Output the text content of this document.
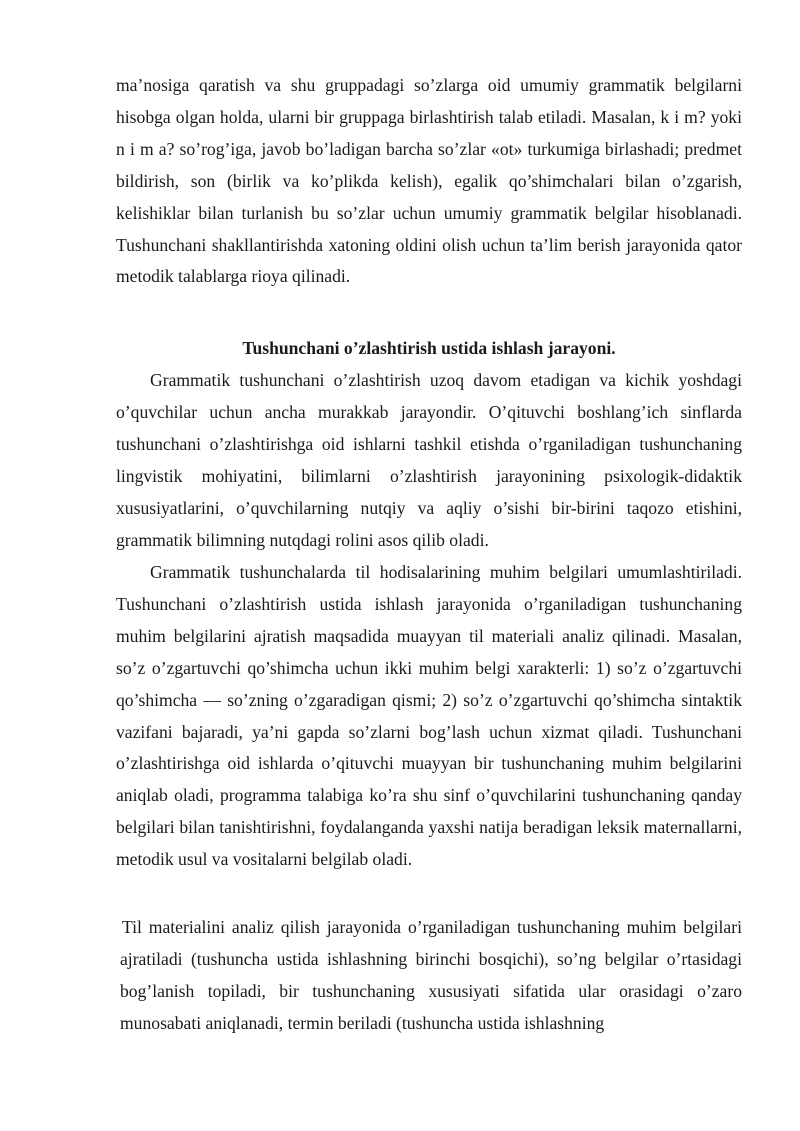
ma’nosiga qaratish va shu gruppadagi so’zlarga oid umumiy grammatik belgilarni hisobga olgan holda, ularni bir gruppaga birlashtirish talab etiladi. Masalan, k i m? yoki n i m a? so’rog’iga, javob bo’ladigan barcha so’zlar «ot» turkumiga birlashadi; predmet bildirish, son (birlik va ko’plikda kelish), egalik qo’shimchalari bilan o’zgarish, kelishiklar bilan turlanish bu so’zlar uchun umumiy grammatik belgilar hisoblanadi. Tushunchani shakllantirishda xatoning oldini olish uchun ta’lim berish jarayonida qator metodik talablarga rioya qilinadi.

Tushunchani o’zlashtirish ustida ishlash jarayoni.

Grammatik tushunchani o’zlashtirish uzoq davom etadigan va kichik yoshdagi o’quvchilar uchun ancha murakkab jarayondir. O’qituvchi boshlang’ich sinflarda tushunchani o’zlashtirishga oid ishlarni tashkil etishda o’rganiladigan tushunchaning lingvistik mohiyatini, bilimlarni o’zlashtirish jarayonining psixologik-didaktik xususiyatlarini, o’quvchilarning nutqiy va aqliy o’sishi bir-birini taqozo etishini, grammatik bilimning nutqdagi rolini asos qilib oladi.

Grammatik tushunchalarda til hodisalarining muhim belgilari umumlashtiriladi. Tushunchani o’zlashtirish ustida ishlash jarayonida o’rganiladigan tushunchaning muhim belgilarini ajratish maqsadida muayyan til materiali analiz qilinadi. Masalan, so’z o’zgartuvchi qo’shimcha uchun ikki muhim belgi xarakterli: 1) so’z o’zgartuvchi qo’shimcha — so’zning o’zgaradigan qismi; 2) so’z o’zgartuvchi qo’shimcha sintaktik vazifani bajaradi, ya’ni gapda so’zlarni bog’lash uchun xizmat qiladi. Tushunchani o’zlashtirishga oid ishlarda o’qituvchi muayyan bir tushunchaning muhim belgilarini aniqlab oladi, programma talabiga ko’ra shu sinf o’quvchilarini tushunchaning qanday belgilari bilan tanishtirishni, foydalanganda yaxshi natija beradigan leksik maternallarni, metodik usul va vositalarni belgilab oladi.

Til materialini analiz qilish jarayonida o’rganiladigan tushunchaning muhim belgilari ajratiladi (tushuncha ustida ishlashning birinchi bosqichi), so’ng belgilar o’rtasidagi bog’lanish topiladi, bir tushunchaning xususiyati sifatida ular orasidagi o’zaro munosabati aniqlanadi, termin beriladi (tushuncha ustida ishlashning
